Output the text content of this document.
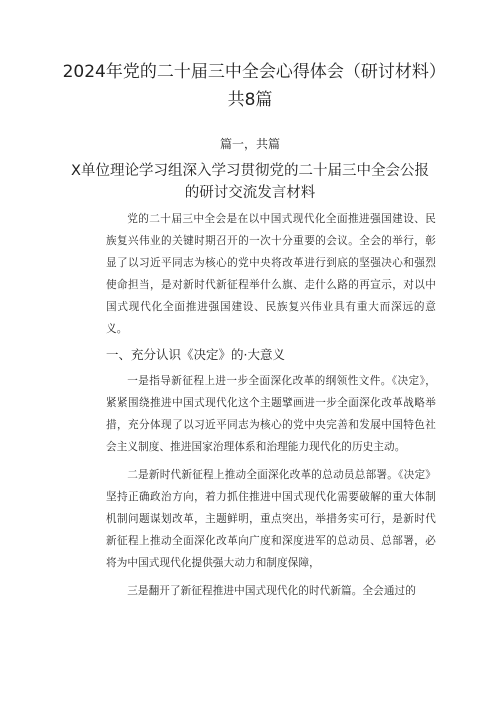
2024年党的二十届三中全会心得体会（研讨材料）共8篇
篇一，共篇
X单位理论学习组深入学习贯彻党的二十届三中全会公报的研讨交流发言材料

党的二十届三中全会是在以中国式现代化全面推进强国建设、民族复兴伟业的关键时期召开的一次十分重要的会议。全会的举行，彰显了以习近平同志为核心的党中央将改革进行到底的坚强决心和强烈使命担当，是对新时代新征程举什么旗、走什么路的再宣示，对以中国式现代化全面推进强国建设、民族复兴伟业具有重大而深远的意义。

一、充分认识《决定》的·大意义

一是指导新征程上进一步全面深化改革的纲领性文件。《决定》，紧紧围绕推进中国式现代化这个主题擘画进一步全面深化改革战略举措，充分体现了以习近平同志为核心的党中央完善和发展中国特色社会主义制度、推进国家治理体系和治理能力现代化的历史主动。

二是新时代新征程上推动全面深化改革的总动员总部署。《决定》坚持正确政治方向，着力抓住推进中国式现代化需要破解的重大体制机制问题谋划改革，主题鲜明，重点突出，举措务实可行，是新时代新征程上推动全面深化改革向广度和深度进军的总动员、总部署，必将为中国式现代化提供强大动力和制度保障，

三是翻开了新征程推进中国式现代化的时代新篇。全会通过的
